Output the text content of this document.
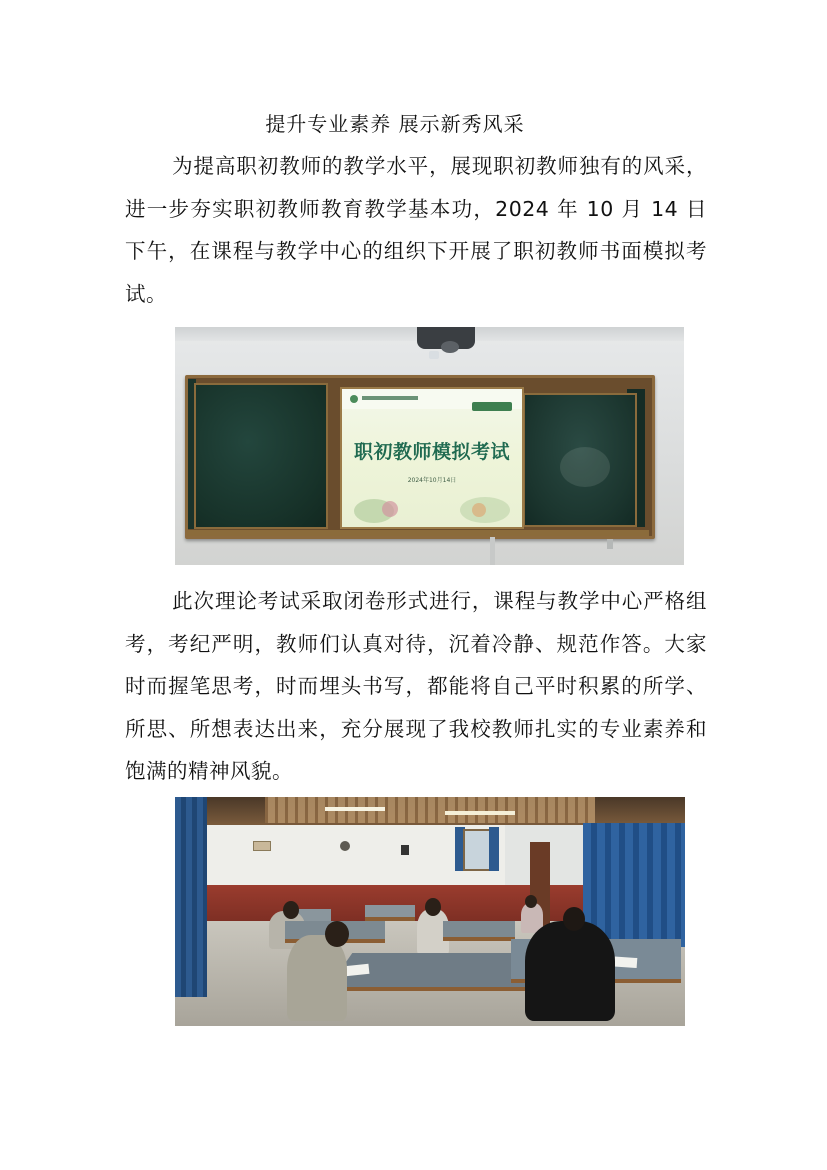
提升专业素养 展示新秀风采

为提高职初教师的教学水平，展现职初教师独有的风采，进一步夯实职初教师教育教学基本功，2024 年 10 月 14 日下午，在课程与教学中心的组织下开展了职初教师书面模拟考试。

职初教师模拟考试
2024年10月14日

此次理论考试采取闭卷形式进行，课程与教学中心严格组考，考纪严明，教师们认真对待，沉着冷静、规范作答。大家时而握笔思考，时而埋头书写，都能将自己平时积累的所学、所思、所想表达出来，充分展现了我校教师扎实的专业素养和饱满的精神风貌。
